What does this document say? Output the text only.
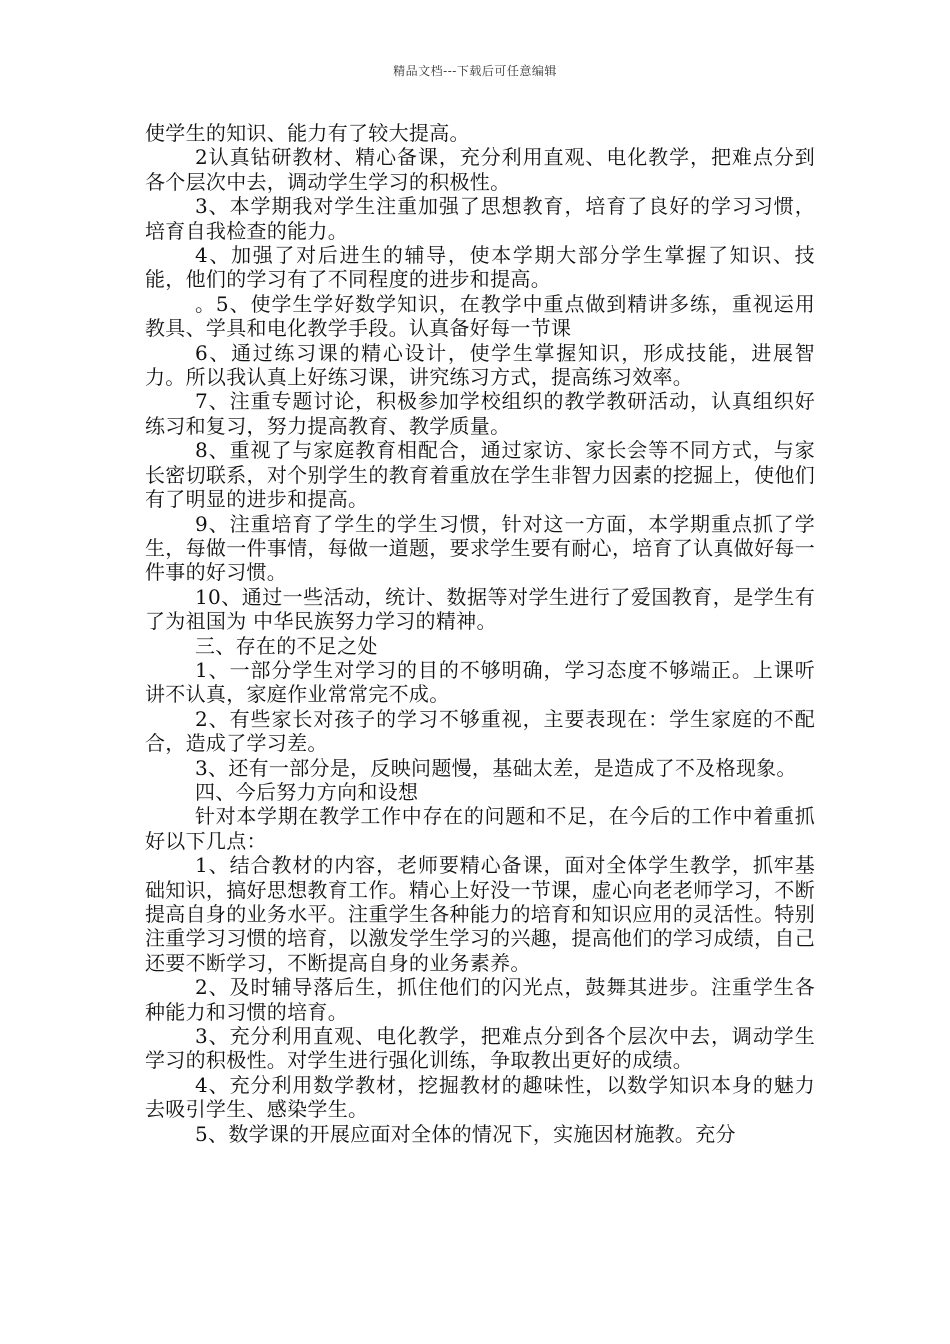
精品文档---下载后可任意编辑

使学生的知识、能力有了较大提高。

2认真钻研教材、精心备课，充分利用直观、电化教学，把难点分到各个层次中去，调动学生学习的积极性。

3、本学期我对学生注重加强了思想教育，培育了良好的学习习惯，培育自我检查的能力。

4、加强了对后进生的辅导，使本学期大部分学生掌握了知识、技能，他们的学习有了不同程度的进步和提高。

。5、使学生学好数学知识，在教学中重点做到精讲多练，重视运用教具、学具和电化教学手段。认真备好每一节课

6、通过练习课的精心设计，使学生掌握知识，形成技能，进展智力。所以我认真上好练习课，讲究练习方式，提高练习效率。

7、注重专题讨论，积极参加学校组织的教学教研活动，认真组织好练习和复习，努力提高教育、教学质量。

8、重视了与家庭教育相配合，通过家访、家长会等不同方式，与家长密切联系，对个别学生的教育着重放在学生非智力因素的挖掘上，使他们有了明显的进步和提高。

9、注重培育了学生的学生习惯，针对这一方面，本学期重点抓了学生，每做一件事情，每做一道题，要求学生要有耐心，培育了认真做好每一件事的好习惯。

10、通过一些活动，统计、数据等对学生进行了爱国教育，是学生有了为祖国为 中华民族努力学习的精神。

三、存在的不足之处

1、一部分学生对学习的目的不够明确，学习态度不够端正。上课听讲不认真，家庭作业常常完不成。

2、有些家长对孩子的学习不够重视，主要表现在：学生家庭的不配合，造成了学习差。

3、还有一部分是，反映问题慢，基础太差，是造成了不及格现象。

四、今后努力方向和设想

针对本学期在教学工作中存在的问题和不足，在今后的工作中着重抓好以下几点：

1、结合教材的内容，老师要精心备课，面对全体学生教学，抓牢基础知识，搞好思想教育工作。精心上好没一节课，虚心向老老师学习，不断提高自身的业务水平。注重学生各种能力的培育和知识应用的灵活性。特别注重学习习惯的培育，以激发学生学习的兴趣，提高他们的学习成绩，自己还要不断学习，不断提高自身的业务素养。

2、及时辅导落后生，抓住他们的闪光点，鼓舞其进步。注重学生各种能力和习惯的培育。

3、充分利用直观、电化教学，把难点分到各个层次中去，调动学生学习的积极性。对学生进行强化训练，争取教出更好的成绩。

4、充分利用数学教材，挖掘教材的趣味性，以数学知识本身的魅力去吸引学生、感染学生。

5、数学课的开展应面对全体的情况下，实施因材施教。充分
